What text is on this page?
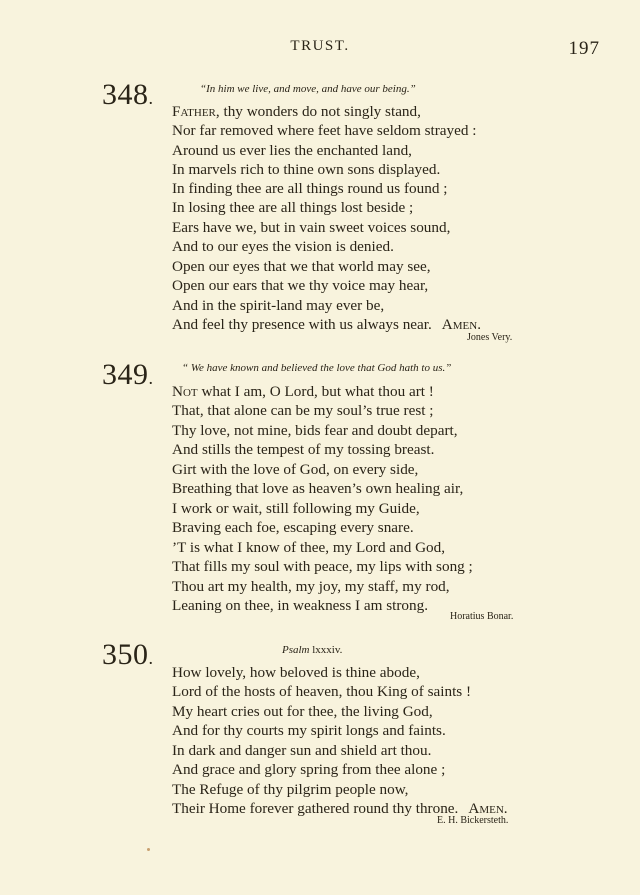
TRUST.	197
348.	“In him we live, and move, and have our being.”
Father, thy wonders do not singly stand,
Nor far removed where feet have seldom strayed :
Around us ever lies the enchanted land,
In marvels rich to thine own sons displayed.
In finding thee are all things round us found ;
In losing thee are all things lost beside ;
Ears have we, but in vain sweet voices sound,
And to our eyes the vision is denied.
Open our eyes that we that world may see,
Open our ears that we thy voice may hear,
And in the spirit-land may ever be,
And feel thy presence with us always near. Amen.
Jones Very.
349.	“ We have known and believed the love that God hath to us.”
Not what I am, O Lord, but what thou art !
That, that alone can be my soul’s true rest ;
Thy love, not mine, bids fear and doubt depart,
And stills the tempest of my tossing breast.
Girt with the love of God, on every side,
Breathing that love as heaven’s own healing air,
I work or wait, still following my Guide,
Braving each foe, escaping every snare.
’T is what I know of thee, my Lord and God,
That fills my soul with peace, my lips with song ;
Thou art my health, my joy, my staff, my rod,
Leaning on thee, in weakness I am strong.
Horatius Bonar.
350.	Psalm lxxxiv.
How lovely, how beloved is thine abode,
Lord of the hosts of heaven, thou King of saints !
My heart cries out for thee, the living God,
And for thy courts my spirit longs and faints.
In dark and danger sun and shield art thou.
And grace and glory spring from thee alone ;
The Refuge of thy pilgrim people now,
Their Home forever gathered round thy throne. Amen.
E. H. Bickersteth.
